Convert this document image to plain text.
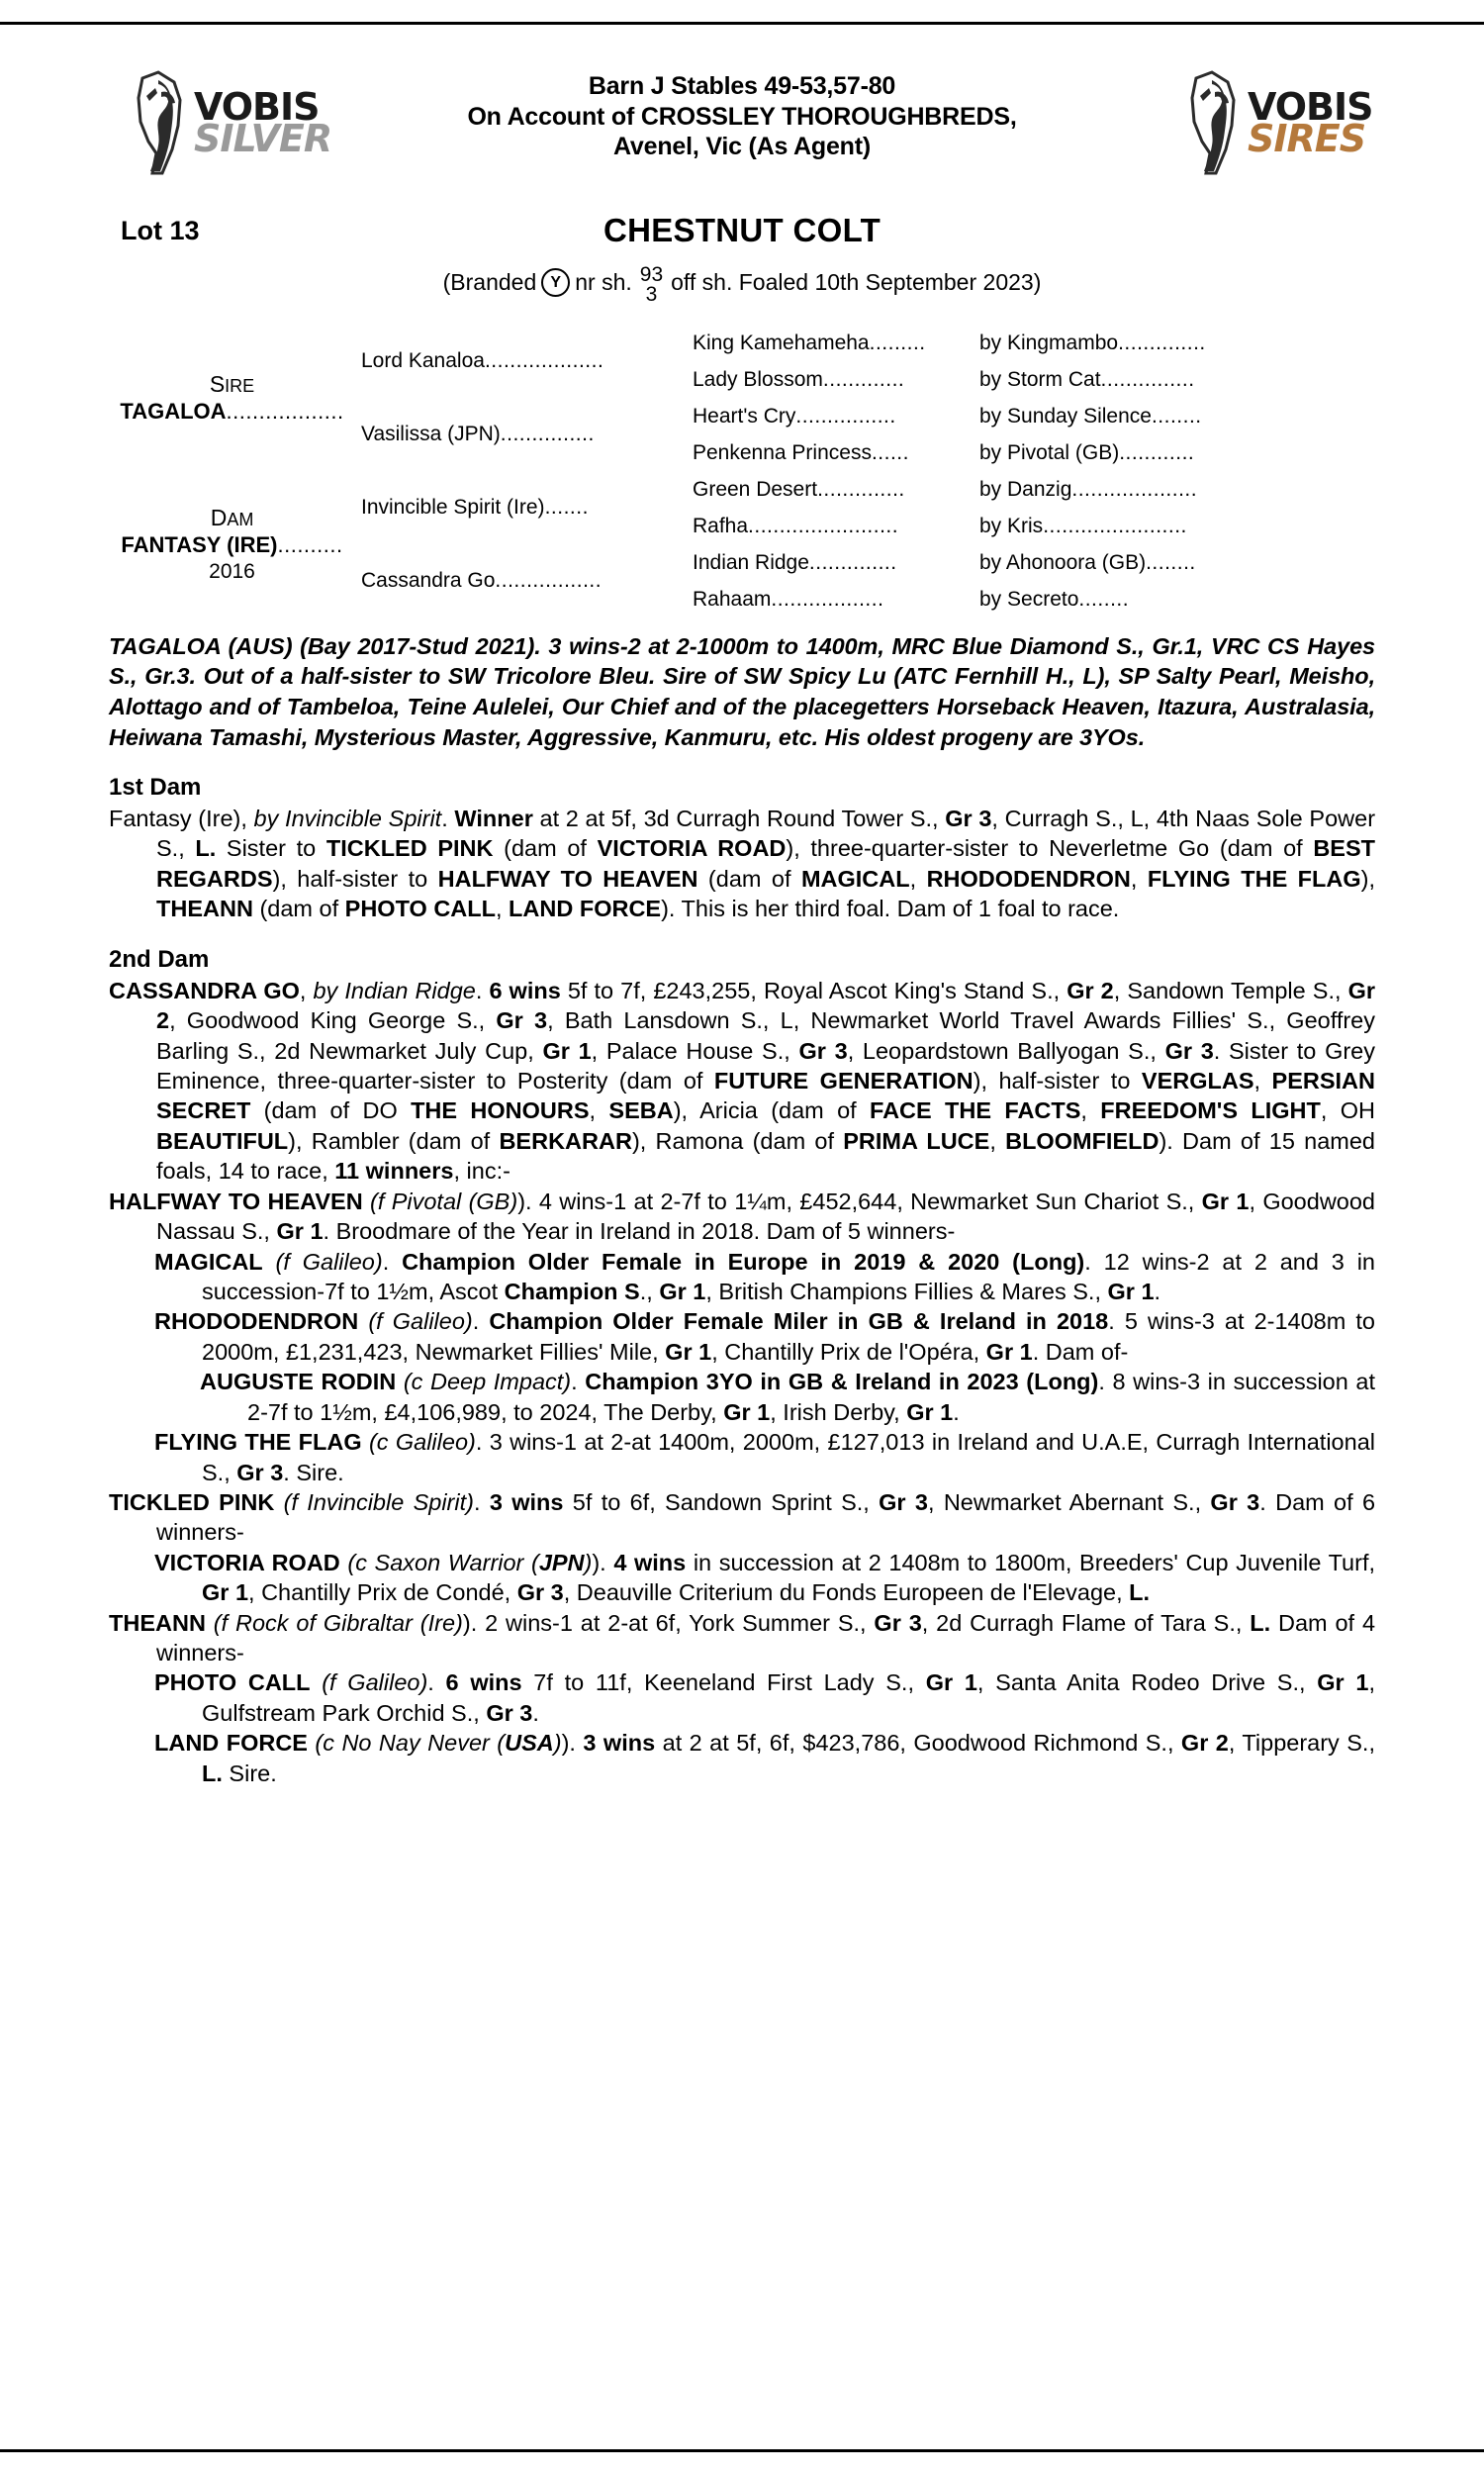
VOBIS
SILVER
Barn J Stables 49-53,57-80
On Account of CROSSLEY THOROUGHBREDS,
Avenel, Vic (As Agent)
VOBIS
SIRES
Lot 13	CHESTNUT COLT
(Branded Y nr sh. 93
3 off sh. Foaled 10th September 2023)
SIRE
TAGALOA..................
DAM
FANTASY (IRE)..........
2016
Lord Kanaloa ...................
Vasilissa (JPN) ...............
Invincible Spirit (Ire) .......
Cassandra Go .................
King Kamehameha.........
Lady Blossom.............
Heart's Cry................
Penkenna Princess......
Green Desert..............
Rafha........................
Indian Ridge..............
Rahaam..................
by Kingmambo..............
by Storm Cat...............
by Sunday Silence........
by Pivotal (GB)............
by Danzig....................
by Kris.......................
by Ahonoora (GB)........
by Secreto........
TAGALOA (AUS) (Bay 2017-Stud 2021). 3 wins-2 at 2-1000m to 1400m, MRC Blue Diamond S., Gr.1, VRC CS Hayes S., Gr.3. Out of a half-sister to SW Tricolore Bleu. Sire of SW Spicy Lu (ATC Fernhill H., L), SP Salty Pearl, Meisho, Alottago and of Tambeloa, Teine Aulelei, Our Chief and of the placegetters Horseback Heaven, Itazura, Australasia, Heiwana Tamashi, Mysterious Master, Aggressive, Kanmuru, etc. His oldest progeny are 3YOs.
1st Dam
Fantasy (Ire), by Invincible Spirit. Winner at 2 at 5f, 3d Curragh Round Tower S., Gr 3, Curragh S., L, 4th Naas Sole Power S., L. Sister to TICKLED PINK (dam of VICTORIA ROAD), three-quarter-sister to Neverletme Go (dam of BEST REGARDS), half-sister to HALFWAY TO HEAVEN (dam of MAGICAL, RHODODENDRON, FLYING THE FLAG), THEANN (dam of PHOTO CALL, LAND FORCE). This is her third foal. Dam of 1 foal to race.
2nd Dam
CASSANDRA GO, by Indian Ridge. 6 wins 5f to 7f, £243,255, Royal Ascot King's Stand S., Gr 2, Sandown Temple S., Gr 2, Goodwood King George S., Gr 3, Bath Lansdown S., L, Newmarket World Travel Awards Fillies' S., Geoffrey Barling S., 2d Newmarket July Cup, Gr 1, Palace House S., Gr 3, Leopardstown Ballyogan S., Gr 3. Sister to Grey Eminence, three-quarter-sister to Posterity (dam of FUTURE GENERATION), half-sister to VERGLAS, PERSIAN SECRET (dam of DO THE HONOURS, SEBA), Aricia (dam of FACE THE FACTS, FREEDOM'S LIGHT, OH BEAUTIFUL), Rambler (dam of BERKARAR), Ramona (dam of PRIMA LUCE, BLOOMFIELD). Dam of 15 named foals, 14 to race, 11 winners, inc:-
HALFWAY TO HEAVEN (f Pivotal (GB)). 4 wins-1 at 2-7f to 1¼m, £452,644, Newmarket Sun Chariot S., Gr 1, Goodwood Nassau S., Gr 1. Broodmare of the Year in Ireland in 2018. Dam of 5 winners-
MAGICAL (f Galileo). Champion Older Female in Europe in 2019 & 2020 (Long). 12 wins-2 at 2 and 3 in succession-7f to 1½m, Ascot Champion S., Gr 1, British Champions Fillies & Mares S., Gr 1.
RHODODENDRON (f Galileo). Champion Older Female Miler in GB & Ireland in 2018. 5 wins-3 at 2-1408m to 2000m, £1,231,423, Newmarket Fillies' Mile, Gr 1, Chantilly Prix de l'Opéra, Gr 1. Dam of-
AUGUSTE RODIN (c Deep Impact). Champion 3YO in GB & Ireland in 2023 (Long). 8 wins-3 in succession at 2-7f to 1½m, £4,106,989, to 2024, The Derby, Gr 1, Irish Derby, Gr 1.
FLYING THE FLAG (c Galileo). 3 wins-1 at 2-at 1400m, 2000m, £127,013 in Ireland and U.A.E, Curragh International S., Gr 3. Sire.
TICKLED PINK (f Invincible Spirit). 3 wins 5f to 6f, Sandown Sprint S., Gr 3, Newmarket Abernant S., Gr 3. Dam of 6 winners-
VICTORIA ROAD (c Saxon Warrior (JPN)). 4 wins in succession at 2 1408m to 1800m, Breeders' Cup Juvenile Turf, Gr 1, Chantilly Prix de Condé, Gr 3, Deauville Criterium du Fonds Europeen de l'Elevage, L.
THEANN (f Rock of Gibraltar (Ire)). 2 wins-1 at 2-at 6f, York Summer S., Gr 3, 2d Curragh Flame of Tara S., L. Dam of 4 winners-
PHOTO CALL (f Galileo). 6 wins 7f to 11f, Keeneland First Lady S., Gr 1, Santa Anita Rodeo Drive S., Gr 1, Gulfstream Park Orchid S., Gr 3.
LAND FORCE (c No Nay Never (USA)). 3 wins at 2 at 5f, 6f, $423,786, Goodwood Richmond S., Gr 2, Tipperary S., L. Sire.
